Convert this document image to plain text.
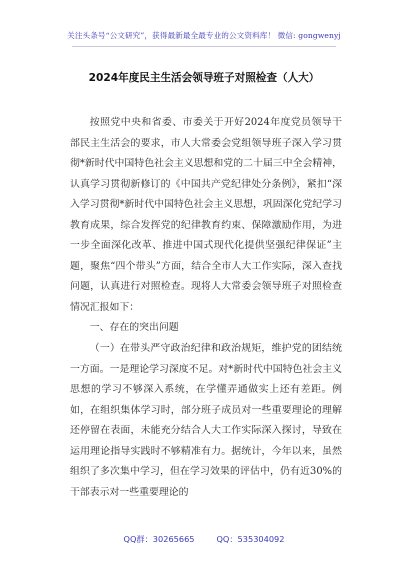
关注头条号“公文研究”，获得最新最全最专业的公文资料库！ 微信: gongwenyj
2024年度民主生活会领导班子对照检查（人大）

按照党中央和省委、市委关于开好2024年度党员领导干部民主生活会的要求，市人大常委会党组领导班子深入学习贯彻*新时代中国特色社会主义思想和党的二十届三中全会精神，认真学习贯彻新修订的《中国共产党纪律处分条例》，紧扣“深入学习贯彻*新时代中国特色社会主义思想，巩固深化党纪学习教育成果，综合发挥党的纪律教育约束、保障激励作用，为进一步全面深化改革、推进中国式现代化提供坚强纪律保证”主题，聚焦“四个带头”方面，结合全市人大工作实际，深入查找问题，认真进行对照检查。现将人大常委会领导班子对照检查情况汇报如下：

一、存在的突出问题

（一）在带头严守政治纪律和政治规矩，维护党的团结统一方面。一是理论学习深度不足。对*新时代中国特色社会主义思想的学习不够深入系统，在学懂弄通做实上还有差距。例如，在组织集体学习时，部分班子成员对一些重要理论的理解还停留在表面，未能充分结合人大工作实际深入探讨，导致在运用理论指导实践时不够精准有力。据统计，今年以来，虽然组织了多次集中学习，但在学习效果的评估中，仍有近30%的干部表示对一些重要理论的

QQ群：30265665	QQ：535304092
